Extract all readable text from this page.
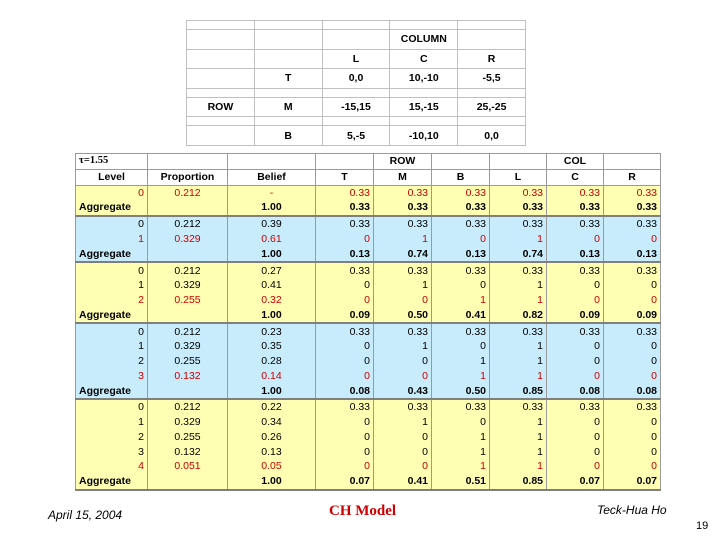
			COLUMN	
		L	C	R
	T	0,0	10,-10	-5,5

ROW	M	-15,15	15,-15	25,-25

	B	5,-5	-10,10	0,0
τ=1.55				ROW			COL	
Level	Proportion	Belief	T	M	B	L	C	R
0	0.212	-	0.33	0.33	0.33	0.33	0.33	0.33
Aggregate		1.00	0.33	0.33	0.33	0.33	0.33	0.33
0	0.212	0.39	0.33	0.33	0.33	0.33	0.33	0.33
1	0.329	0.61	0	1	0	1	0	0
Aggregate		1.00	0.13	0.74	0.13	0.74	0.13	0.13
0	0.212	0.27	0.33	0.33	0.33	0.33	0.33	0.33
1	0.329	0.41	0	1	0	1	0	0
2	0.255	0.32	0	0	1	1	0	0
Aggregate		1.00	0.09	0.50	0.41	0.82	0.09	0.09
0	0.212	0.23	0.33	0.33	0.33	0.33	0.33	0.33
1	0.329	0.35	0	1	0	1	0	0
2	0.255	0.28	0	0	1	1	0	0
3	0.132	0.14	0	0	1	1	0	0
Aggregate		1.00	0.08	0.43	0.50	0.85	0.08	0.08
0	0.212	0.22	0.33	0.33	0.33	0.33	0.33	0.33
1	0.329	0.34	0	1	0	1	0	0
2	0.255	0.26	0	0	1	1	0	0
3	0.132	0.13	0	0	1	1	0	0
4	0.051	0.05	0	0	1	1	0	0
Aggregate		1.00	0.07	0.41	0.51	0.85	0.07	0.07
April 15, 2004	CH Model	Teck-Hua Ho
19
